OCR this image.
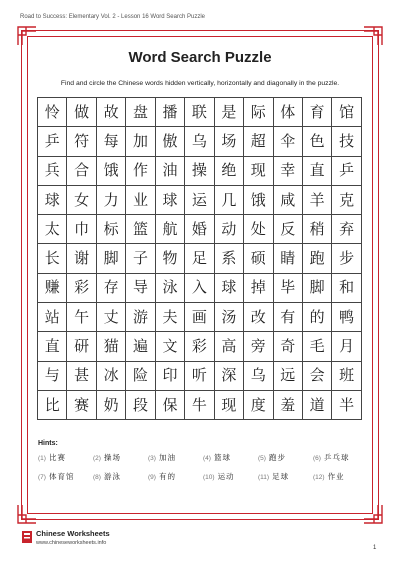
Road to Success: Elementary Vol. 2 - Lesson 16 Word Search Puzzle
Word Search Puzzle
Find and circle the Chinese words hidden vertically, horizontally and diagonally in the puzzle.
怜 做 故 盘 播 联 是 际 体 育 馆
乒 符 每 加 傲 乌 场 超 伞 色 技
兵 合 饿 作 油 操 绝 现 幸 直 乒
球 女 力 业 球 运 几 饿 咸 羊 克
太 巾 标 篮 航 婚 动 处 反 稍 弃
长 谢 脚 子 物 足 系 硕 睛 跑 步
赚 彩 存 导 泳 入 球 掉 毕 脚 和
站 午 丈 游 夫 画 汤 改 有 的 鸭
直 研 猫 遍 文 彩 高 旁 奇 毛 月
与 甚 冰 险 印 听 深 乌 远 会 班
比 赛 奶 段 保 牛 现 度 羞 道 半
Hints:
(1) 比赛	(2) 操场	(3) 加油	(4) 篮球	(5) 跑步	(6) 乒乓球
(7) 体育馆	(8) 游泳	(9) 有的	(10) 运动	(11) 足球	(12) 作业
Chinese Worksheets
www.chineseworksheets.info
1
